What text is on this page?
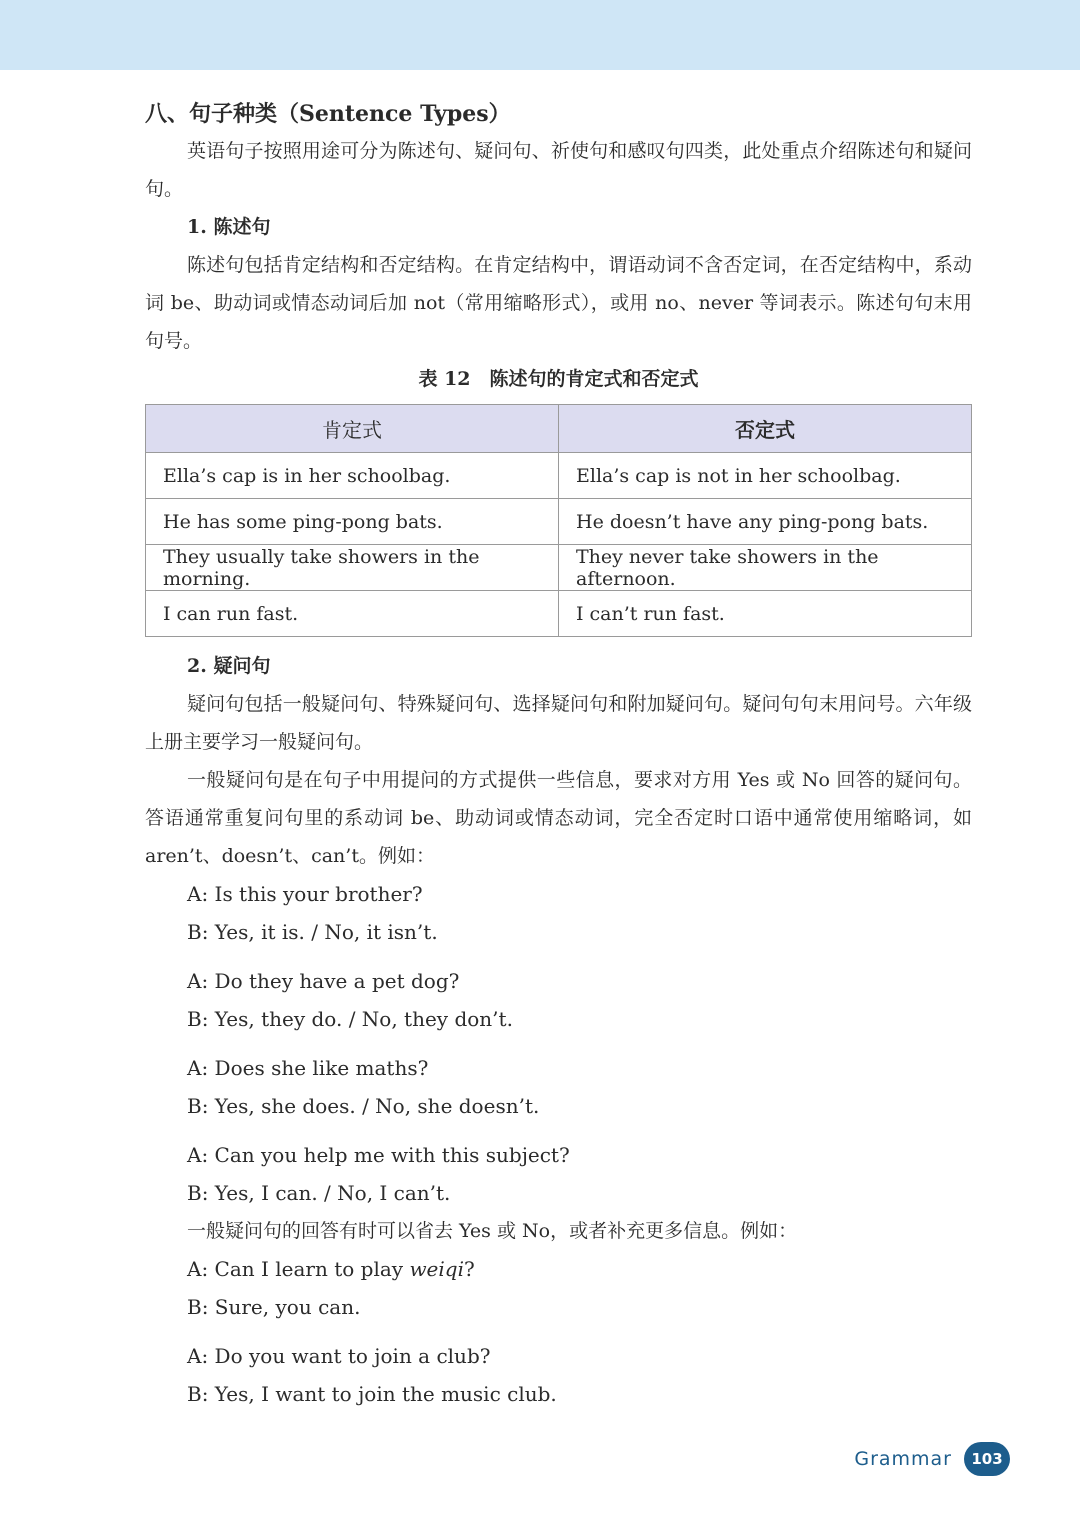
八、句子种类（Sentence Types）

英语句子按照用途可分为陈述句、疑问句、祈使句和感叹句四类，此处重点介绍陈述句和疑问句。

1. 陈述句

陈述句包括肯定结构和否定结构。在肯定结构中，谓语动词不含否定词，在否定结构中，系动词 be、助动词或情态动词后加 not（常用缩略形式），或用 no、never 等词表示。陈述句句末用句号。

表 12　陈述句的肯定式和否定式

肯定式	否定式
Ella’s cap is in her schoolbag.	Ella’s cap is not in her schoolbag.
He has some ping-pong bats.	He doesn’t have any ping-pong bats.
They usually take showers in the morning.	They never take showers in the afternoon.
I can run fast.	I can’t run fast.
2. 疑问句

疑问句包括一般疑问句、特殊疑问句、选择疑问句和附加疑问句。疑问句句末用问号。六年级上册主要学习一般疑问句。

一般疑问句是在句子中用提问的方式提供一些信息，要求对方用 Yes 或 No 回答的疑问句。答语通常重复问句里的系动词 be、助动词或情态动词，完全否定时口语中通常使用缩略词，如 aren’t、doesn’t、can’t。例如：

A: Is this your brother?
B: Yes, it is. / No, it isn’t.
A: Do they have a pet dog?
B: Yes, they do. / No, they don’t.
A: Does she like maths?
B: Yes, she does. / No, she doesn’t.
A: Can you help me with this subject?
B: Yes, I can. / No, I can’t.

一般疑问句的回答有时可以省去 Yes 或 No，或者补充更多信息。例如：

A: Can I learn to play weiqi?
B: Sure, you can.
A: Do you want to join a club?
B: Yes, I want to join the music club.
Grammar	103
